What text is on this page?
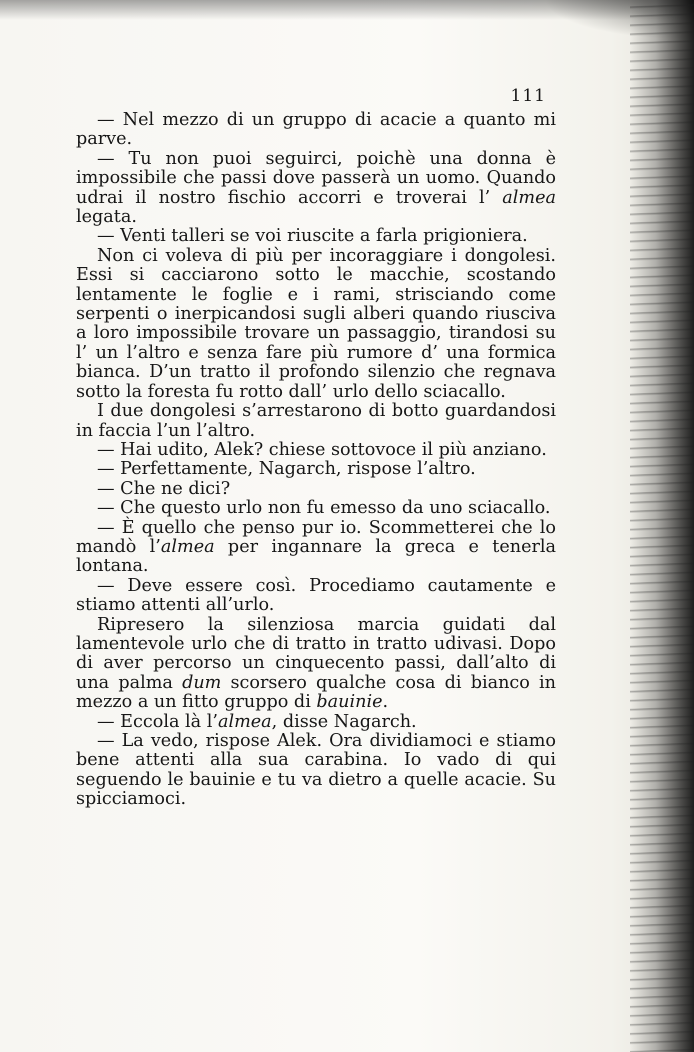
111

— Nel mezzo di un gruppo di acacie a quanto mi parve.

— Tu non puoi seguirci, poichè una donna è impossibile che passi dove passerà un uomo. Quando udrai il nostro fischio accorri e troverai l’ almea legata.

— Venti talleri se voi riuscite a farla prigioniera.

Non ci voleva di più per incoraggiare i dongolesi. Essi si cacciarono sotto le macchie, scostando lentamente le foglie e i rami, strisciando come serpenti o inerpicandosi sugli alberi quando riusciva a loro impossibile trovare un passaggio, tirandosi su l’ un l’altro e senza fare più rumore d’ una formica bianca. D’un tratto il profondo silenzio che regnava sotto la foresta fu rotto dall’ urlo dello sciacallo.

I due dongolesi s’arrestarono di botto guardandosi in faccia l’un l’altro.

— Hai udito, Alek? chiese sottovoce il più anziano.

— Perfettamente, Nagarch, rispose l’altro.

— Che ne dici?

— Che questo urlo non fu emesso da uno sciacallo.

— È quello che penso pur io. Scommetterei che lo mandò l’almea per ingannare la greca e tenerla lontana.

— Deve essere così. Procediamo cautamente e stiamo attenti all’urlo.

Ripresero la silenziosa marcia guidati dal lamentevole urlo che di tratto in tratto udivasi. Dopo di aver percorso un cinquecento passi, dall’alto di una palma dum scorsero qualche cosa di bianco in mezzo a un fitto gruppo di bauinie.

— Eccola là l’almea, disse Nagarch.

— La vedo, rispose Alek. Ora dividiamoci e stiamo bene attenti alla sua carabina. Io vado di qui seguendo le bauinie e tu va dietro a quelle acacie. Su spicciamoci.
